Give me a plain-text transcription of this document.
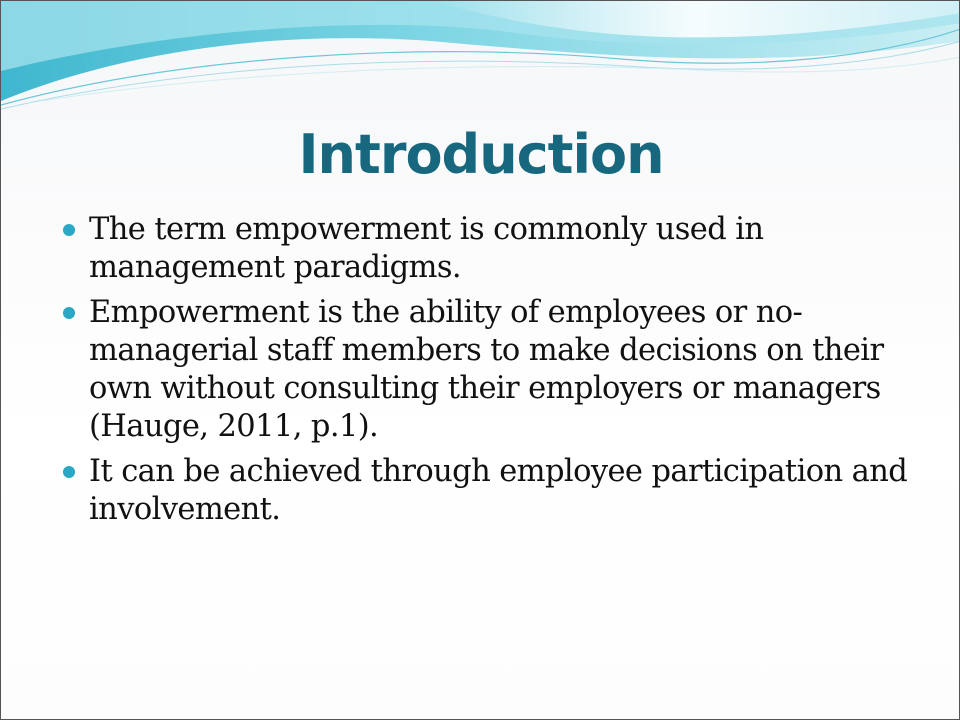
Introduction
The term empowerment is commonly used in management paradigms.
Empowerment is the ability of employees or no-managerial staff members to make decisions on their own without consulting their employers or managers (Hauge, 2011, p.1).
It can be achieved through employee participation and involvement.
